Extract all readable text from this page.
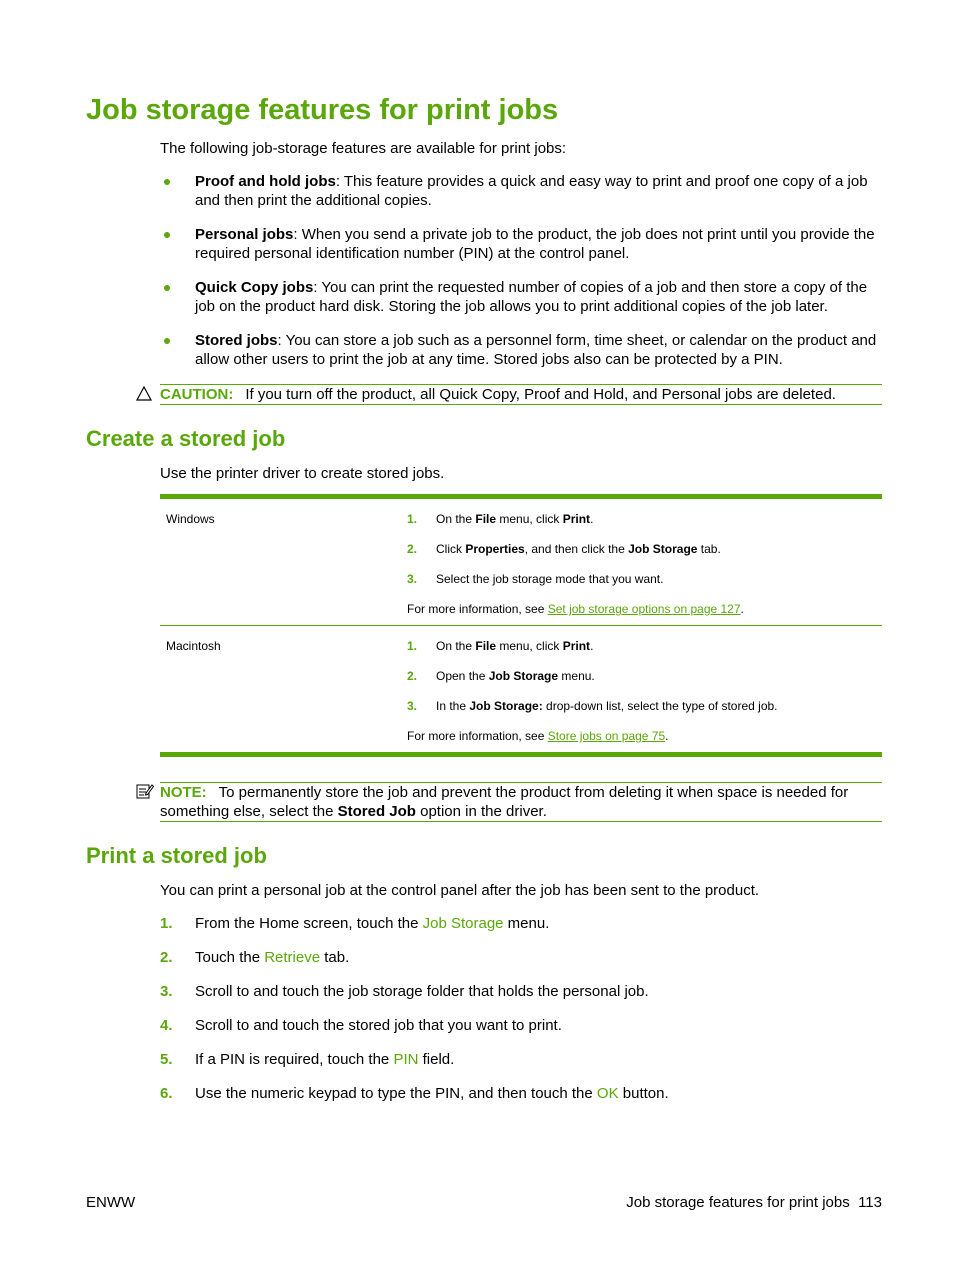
Job storage features for print jobs

The following job-storage features are available for print jobs:

Proof and hold jobs: This feature provides a quick and easy way to print and proof one copy of a job and then print the additional copies.
Personal jobs: When you send a private job to the product, the job does not print until you provide the required personal identification number (PIN) at the control panel.
Quick Copy jobs: You can print the requested number of copies of a job and then store a copy of the job on the product hard disk. Storing the job allows you to print additional copies of the job later.
Stored jobs: You can store a job such as a personnel form, time sheet, or calendar on the product and allow other users to print the job at any time. Stored jobs also can be protected by a PIN.
CAUTION: If you turn off the product, all Quick Copy, Proof and Hold, and Personal jobs are deleted.
Create a stored job

Use the printer driver to create stored jobs.

Windows	1. On the File menu, click Print.
2. Click Properties, and then click the Job Storage tab.
3. Select the job storage mode that you want.
For more information, see Set job storage options on page 127.
Macintosh	1. On the File menu, click Print.
2. Open the Job Storage menu.
3. In the Job Storage: drop-down list, select the type of stored job.
For more information, see Store jobs on page 75.
NOTE: To permanently store the job and prevent the product from deleting it when space is needed for something else, select the Stored Job option in the driver.
Print a stored job

You can print a personal job at the control panel after the job has been sent to the product.

1. From the Home screen, touch the Job Storage menu.
2. Touch the Retrieve tab.
3. Scroll to and touch the job storage folder that holds the personal job.
4. Scroll to and touch the stored job that you want to print.
5. If a PIN is required, touch the PIN field.
6. Use the numeric keypad to type the PIN, and then touch the OK button.
ENWW	Job storage features for print jobs 113
